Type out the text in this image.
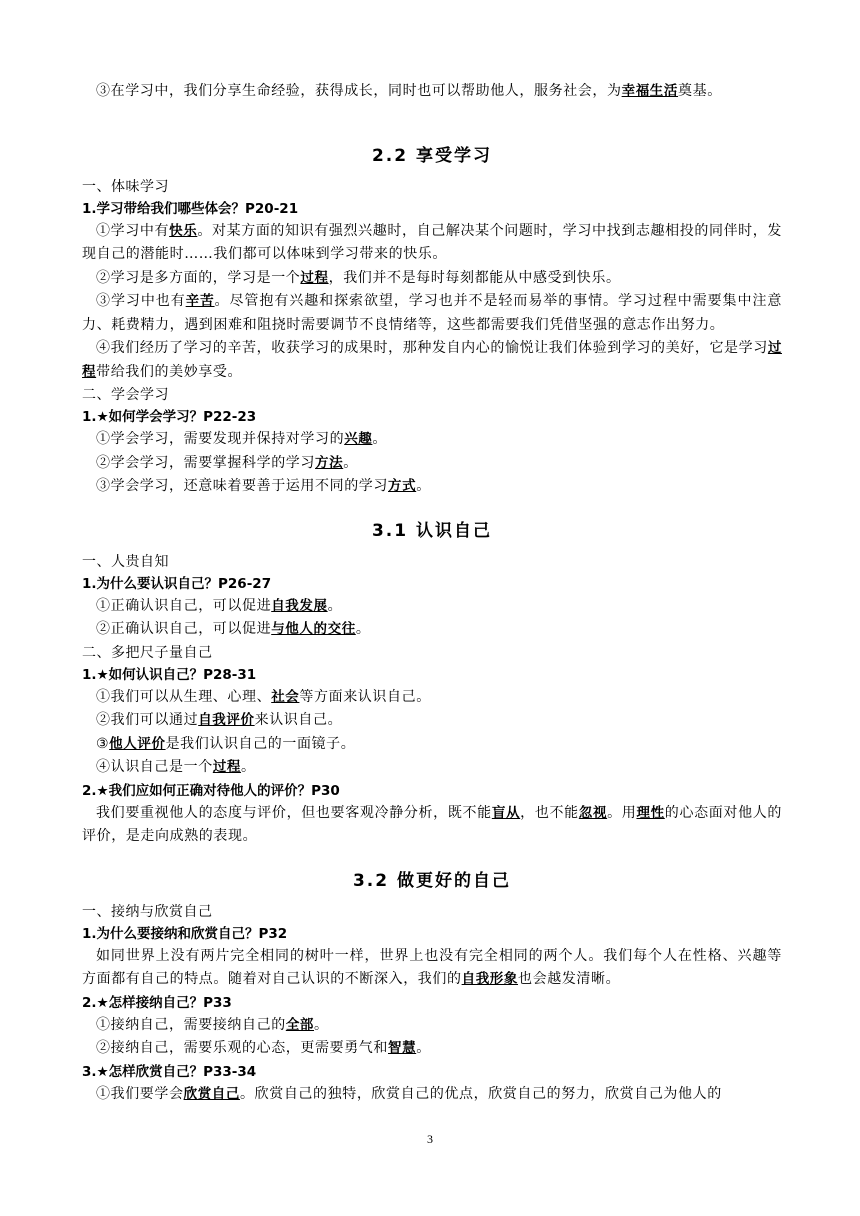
③在学习中，我们分享生命经验，获得成长，同时也可以帮助他人，服务社会，为幸福生活奠基。

2.2 享受学习

一、体味学习

1.学习带给我们哪些体会？P20-21

①学习中有快乐。对某方面的知识有强烈兴趣时，自己解决某个问题时，学习中找到志趣相投的同伴时，发现自己的潜能时……我们都可以体味到学习带来的快乐。

②学习是多方面的，学习是一个过程，我们并不是每时每刻都能从中感受到快乐。

③学习中也有辛苦。尽管抱有兴趣和探索欲望，学习也并不是轻而易举的事情。学习过程中需要集中注意力、耗费精力，遇到困难和阻挠时需要调节不良情绪等，这些都需要我们凭借坚强的意志作出努力。

④我们经历了学习的辛苦，收获学习的成果时，那种发自内心的愉悦让我们体验到学习的美好，它是学习过程带给我们的美妙享受。

二、学会学习

1.★如何学会学习？P22-23

①学会学习，需要发现并保持对学习的兴趣。

②学会学习，需要掌握科学的学习方法。

③学会学习，还意味着要善于运用不同的学习方式。

3.1 认识自己

一、人贵自知

1.为什么要认识自己？P26-27

①正确认识自己，可以促进自我发展。

②正确认识自己，可以促进与他人的交往。

二、多把尺子量自己

1.★如何认识自己？P28-31

①我们可以从生理、心理、社会等方面来认识自己。

②我们可以通过自我评价来认识自己。

③他人评价是我们认识自己的一面镜子。

④认识自己是一个过程。

2.★我们应如何正确对待他人的评价？P30

我们要重视他人的态度与评价，但也要客观冷静分析，既不能盲从，也不能忽视。用理性的心态面对他人的评价，是走向成熟的表现。

3.2 做更好的自己

一、接纳与欣赏自己

1.为什么要接纳和欣赏自己？P32

如同世界上没有两片完全相同的树叶一样，世界上也没有完全相同的两个人。我们每个人在性格、兴趣等方面都有自己的特点。随着对自己认识的不断深入，我们的自我形象也会越发清晰。

2.★怎样接纳自己？P33

①接纳自己，需要接纳自己的全部。

②接纳自己，需要乐观的心态，更需要勇气和智慧。

3.★怎样欣赏自己？P33-34

①我们要学会欣赏自己。欣赏自己的独特，欣赏自己的优点，欣赏自己的努力，欣赏自己为他人的

3
